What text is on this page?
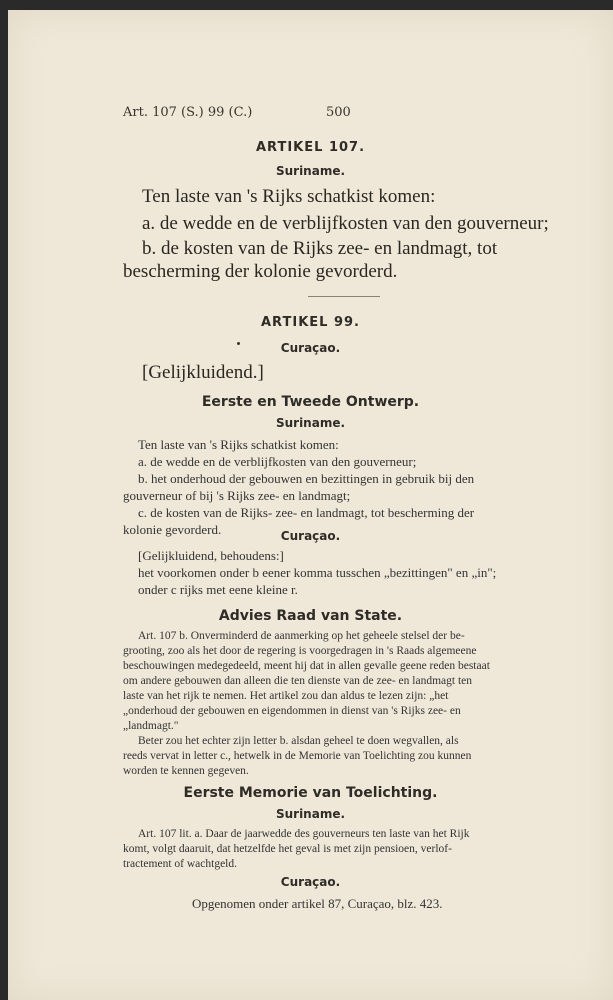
Art. 107 (S.) 99 (C.)	500
ARTIKEL 107.
Suriname.
Ten laste van 's Rijks schatkist komen:
a. de wedde en de verblijfkosten van den gouverneur;
b. de kosten van de Rijks zee- en landmagt, tot
bescherming der kolonie gevorderd.
ARTIKEL 99.
Curaçao.
[Gelijkluidend.]
Eerste en Tweede Ontwerp.
Suriname.
Ten laste van 's Rijks schatkist komen:
a. de wedde en de verblijfkosten van den gouverneur;
b. het onderhoud der gebouwen en bezittingen in gebruik bij den
gouverneur of bij 's Rijks zee- en landmagt;
c. de kosten van de Rijks- zee- en landmagt, tot bescherming der
kolonie gevorderd.	Curaçao.
[Gelijkluidend, behoudens:]
het voorkomen onder b eener komma tusschen „bezittingen" en „in";
onder c rijks met eene kleine r.
Advies Raad van State.
Art. 107 b. Onverminderd de aanmerking op het geheele stelsel der be-
grooting, zoo als het door de regering is voorgedragen in 's Raads algemeene
beschouwingen medegedeeld, meent hij dat in allen gevalle geene reden bestaat
om andere gebouwen dan alleen die ten dienste van de zee- en landmagt ten
laste van het rijk te nemen. Het artikel zou dan aldus te lezen zijn: „het
„onderhoud der gebouwen en eigendommen in dienst van 's Rijks zee- en
„landmagt."
Beter zou het echter zijn letter b. alsdan geheel te doen wegvallen, als
reeds vervat in letter c., hetwelk in de Memorie van Toelichting zou kunnen
worden te kennen gegeven.
Eerste Memorie van Toelichting.
Suriname.
Art. 107 lit. a. Daar de jaarwedde des gouverneurs ten laste van het Rijk
komt, volgt daaruit, dat hetzelfde het geval is met zijn pensioen, verlof-
tractement of wachtgeld.
Curaçao.
Opgenomen onder artikel 87, Curaçao, blz. 423.
